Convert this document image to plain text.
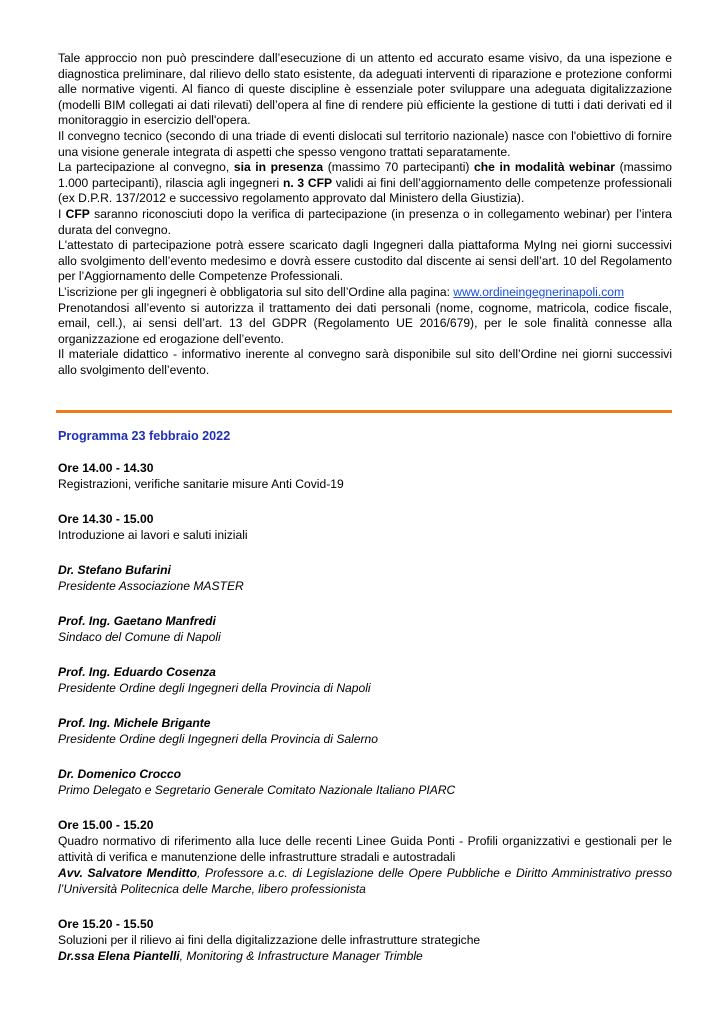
Tale approccio non può prescindere dall’esecuzione di un attento ed accurato esame visivo, da una ispezione e diagnostica preliminare, dal rilievo dello stato esistente, da adeguati interventi di riparazione e protezione conformi alle normative vigenti. Al fianco di queste discipline è essenziale poter sviluppare una adeguata digitalizzazione (modelli BIM collegati ai dati rilevati) dell’opera al fine di rendere più efficiente la gestione di tutti i dati derivati ed il monitoraggio in esercizio dell'opera.

Il convegno tecnico (secondo di una triade di eventi dislocati sul territorio nazionale) nasce con l'obiettivo di fornire una visione generale integrata di aspetti che spesso vengono trattati separatamente.

La partecipazione al convegno, sia in presenza (massimo 70 partecipanti) che in modalità webinar (massimo 1.000 partecipanti), rilascia agli ingegneri n. 3 CFP validi ai fini dell’aggiornamento delle competenze professionali (ex D.P.R. 137/2012 e successivo regolamento approvato dal Ministero della Giustizia).

I CFP saranno riconosciuti dopo la verifica di partecipazione (in presenza o in collegamento webinar) per l’intera durata del convegno.

L'attestato di partecipazione potrà essere scaricato dagli Ingegneri dalla piattaforma MyIng nei giorni successivi allo svolgimento dell’evento medesimo e dovrà essere custodito dal discente ai sensi dell’art. 10 del Regolamento per l’Aggiornamento delle Competenze Professionali.

L’iscrizione per gli ingegneri è obbligatoria sul sito dell’Ordine alla pagina: www.ordineingegnerinapoli.com

Prenotandosi all’evento si autorizza il trattamento dei dati personali (nome, cognome, matricola, codice fiscale, email, cell.), ai sensi dell’art. 13 del GDPR (Regolamento UE 2016/679), per le sole finalità connesse alla organizzazione ed erogazione dell’evento.

Il materiale didattico - informativo inerente al convegno sarà disponibile sul sito dell’Ordine nei giorni successivi allo svolgimento dell’evento.

Programma 23 febbraio 2022
Ore 14.00 - 14.30
Registrazioni, verifiche sanitarie misure Anti Covid-19
Ore 14.30 - 15.00
Introduzione ai lavori e saluti iniziali
Dr. Stefano Bufarini
Presidente Associazione MASTER
Prof. Ing. Gaetano Manfredi
Sindaco del Comune di Napoli
Prof. Ing. Eduardo Cosenza
Presidente Ordine degli Ingegneri della Provincia di Napoli
Prof. Ing. Michele Brigante
Presidente Ordine degli Ingegneri della Provincia di Salerno
Dr. Domenico Crocco
Primo Delegato e Segretario Generale Comitato Nazionale Italiano PIARC
Ore 15.00 - 15.20
Quadro normativo di riferimento alla luce delle recenti Linee Guida Ponti - Profili organizzativi e gestionali per le attività di verifica e manutenzione delle infrastrutture stradali e autostradali
Avv. Salvatore Menditto, Professore a.c. di Legislazione delle Opere Pubbliche e Diritto Amministrativo presso l’Università Politecnica delle Marche, libero professionista
Ore 15.20 - 15.50
Soluzioni per il rilievo ai fini della digitalizzazione delle infrastrutture strategiche
Dr.ssa Elena Piantelli, Monitoring & Infrastructure Manager Trimble
